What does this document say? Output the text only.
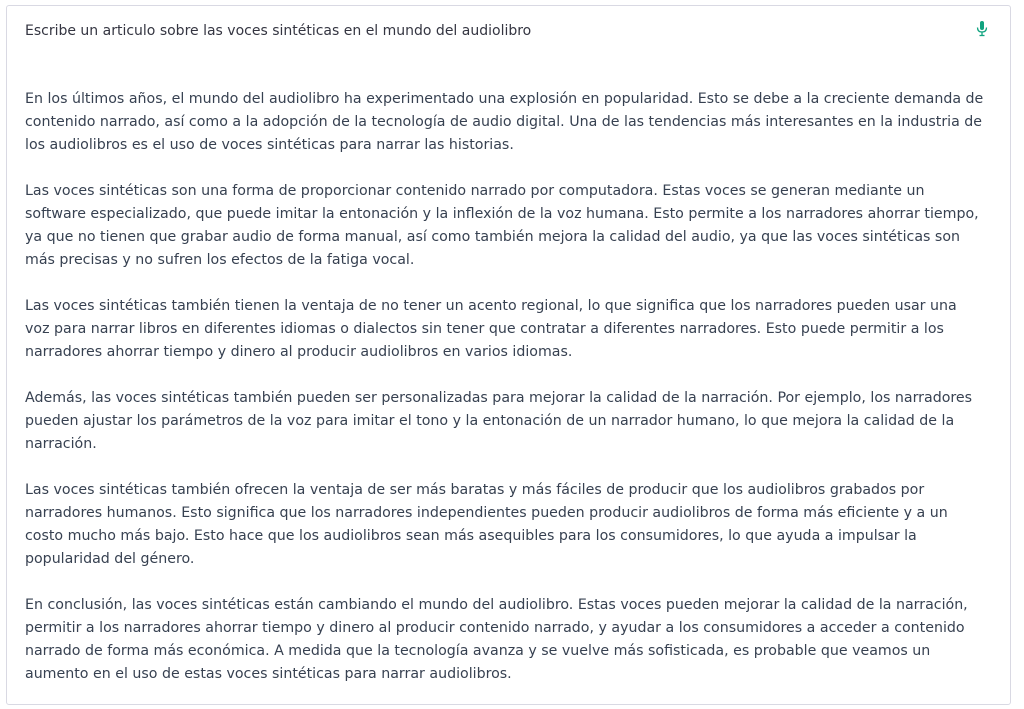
Escribe un articulo sobre las voces sintéticas en el mundo del audiolibro

En los últimos años, el mundo del audiolibro ha experimentado una explosión en popularidad. Esto se debe a la creciente demanda de contenido narrado, así como a la adopción de la tecnología de audio digital. Una de las tendencias más interesantes en la industria de los audiolibros es el uso de voces sintéticas para narrar las historias.

Las voces sintéticas son una forma de proporcionar contenido narrado por computadora. Estas voces se generan mediante un software especializado, que puede imitar la entonación y la inflexión de la voz humana. Esto permite a los narradores ahorrar tiempo, ya que no tienen que grabar audio de forma manual, así como también mejora la calidad del audio, ya que las voces sintéticas son más precisas y no sufren los efectos de la fatiga vocal.

Las voces sintéticas también tienen la ventaja de no tener un acento regional, lo que significa que los narradores pueden usar una voz para narrar libros en diferentes idiomas o dialectos sin tener que contratar a diferentes narradores. Esto puede permitir a los narradores ahorrar tiempo y dinero al producir audiolibros en varios idiomas.

Además, las voces sintéticas también pueden ser personalizadas para mejorar la calidad de la narración. Por ejemplo, los narradores pueden ajustar los parámetros de la voz para imitar el tono y la entonación de un narrador humano, lo que mejora la calidad de la narración.

Las voces sintéticas también ofrecen la ventaja de ser más baratas y más fáciles de producir que los audiolibros grabados por narradores humanos. Esto significa que los narradores independientes pueden producir audiolibros de forma más eficiente y a un costo mucho más bajo. Esto hace que los audiolibros sean más asequibles para los consumidores, lo que ayuda a impulsar la popularidad del género.

En conclusión, las voces sintéticas están cambiando el mundo del audiolibro. Estas voces pueden mejorar la calidad de la narración, permitir a los narradores ahorrar tiempo y dinero al producir contenido narrado, y ayudar a los consumidores a acceder a contenido narrado de forma más económica. A medida que la tecnología avanza y se vuelve más sofisticada, es probable que veamos un aumento en el uso de estas voces sintéticas para narrar audiolibros.
